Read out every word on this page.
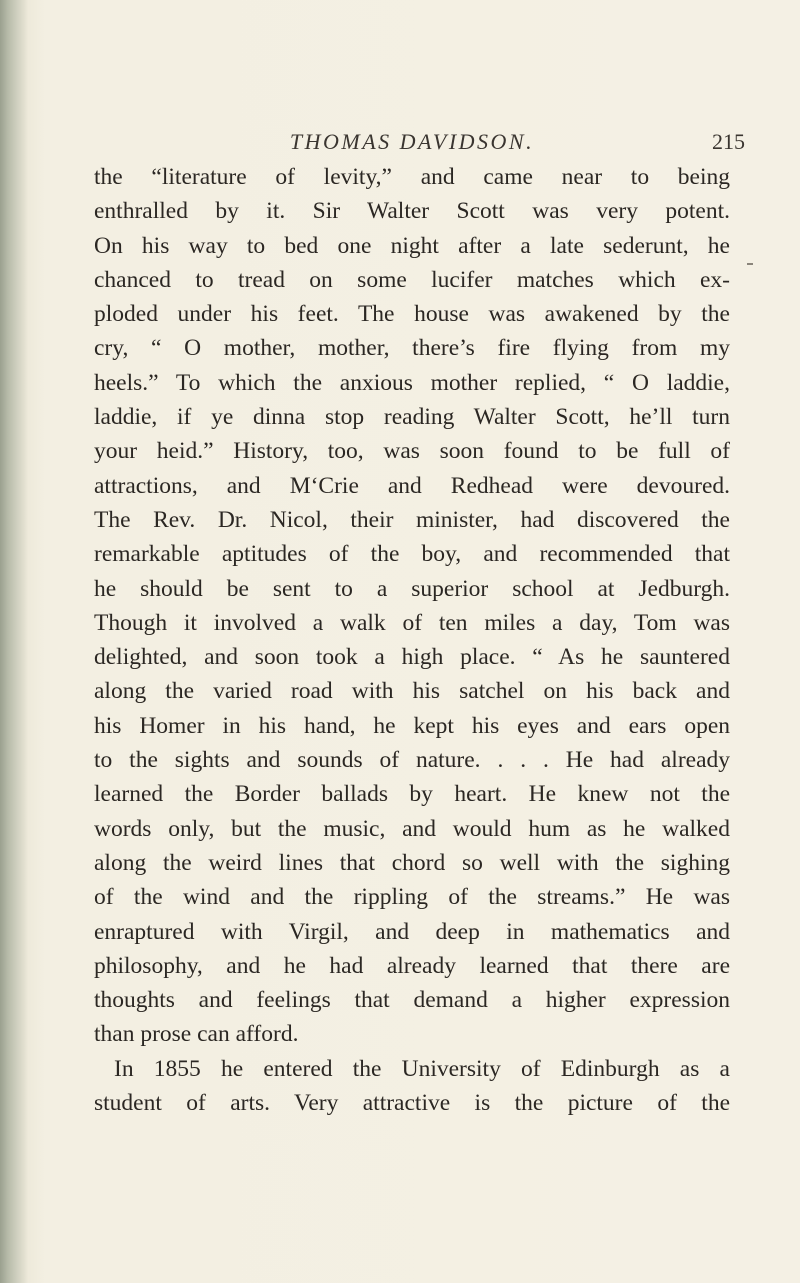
THOMAS DAVIDSON.	215
the “literature of levity,” and came near to being
enthralled by it. Sir Walter Scott was very potent.
On his way to bed one night after a late sederunt, he
chanced to tread on some lucifer matches which ex-
ploded under his feet. The house was awakened by the
cry, “ O mother, mother, there’s fire flying from my
heels.” To which the anxious mother replied, “ O laddie,
laddie, if ye dinna stop reading Walter Scott, he’ll turn
your heid.” History, too, was soon found to be full of
attractions, and M‘Crie and Redhead were devoured.
The Rev. Dr. Nicol, their minister, had discovered the
remarkable aptitudes of the boy, and recommended that
he should be sent to a superior school at Jedburgh.
Though it involved a walk of ten miles a day, Tom was
delighted, and soon took a high place. “ As he sauntered
along the varied road with his satchel on his back and
his Homer in his hand, he kept his eyes and ears open
to the sights and sounds of nature. . . . He had already
learned the Border ballads by heart. He knew not the
words only, but the music, and would hum as he walked
along the weird lines that chord so well with the sighing
of the wind and the rippling of the streams.” He was
enraptured with Virgil, and deep in mathematics and
philosophy, and he had already learned that there are
thoughts and feelings that demand a higher expression
than prose can afford.
In 1855 he entered the University of Edinburgh as a
student of arts. Very attractive is the picture of the
